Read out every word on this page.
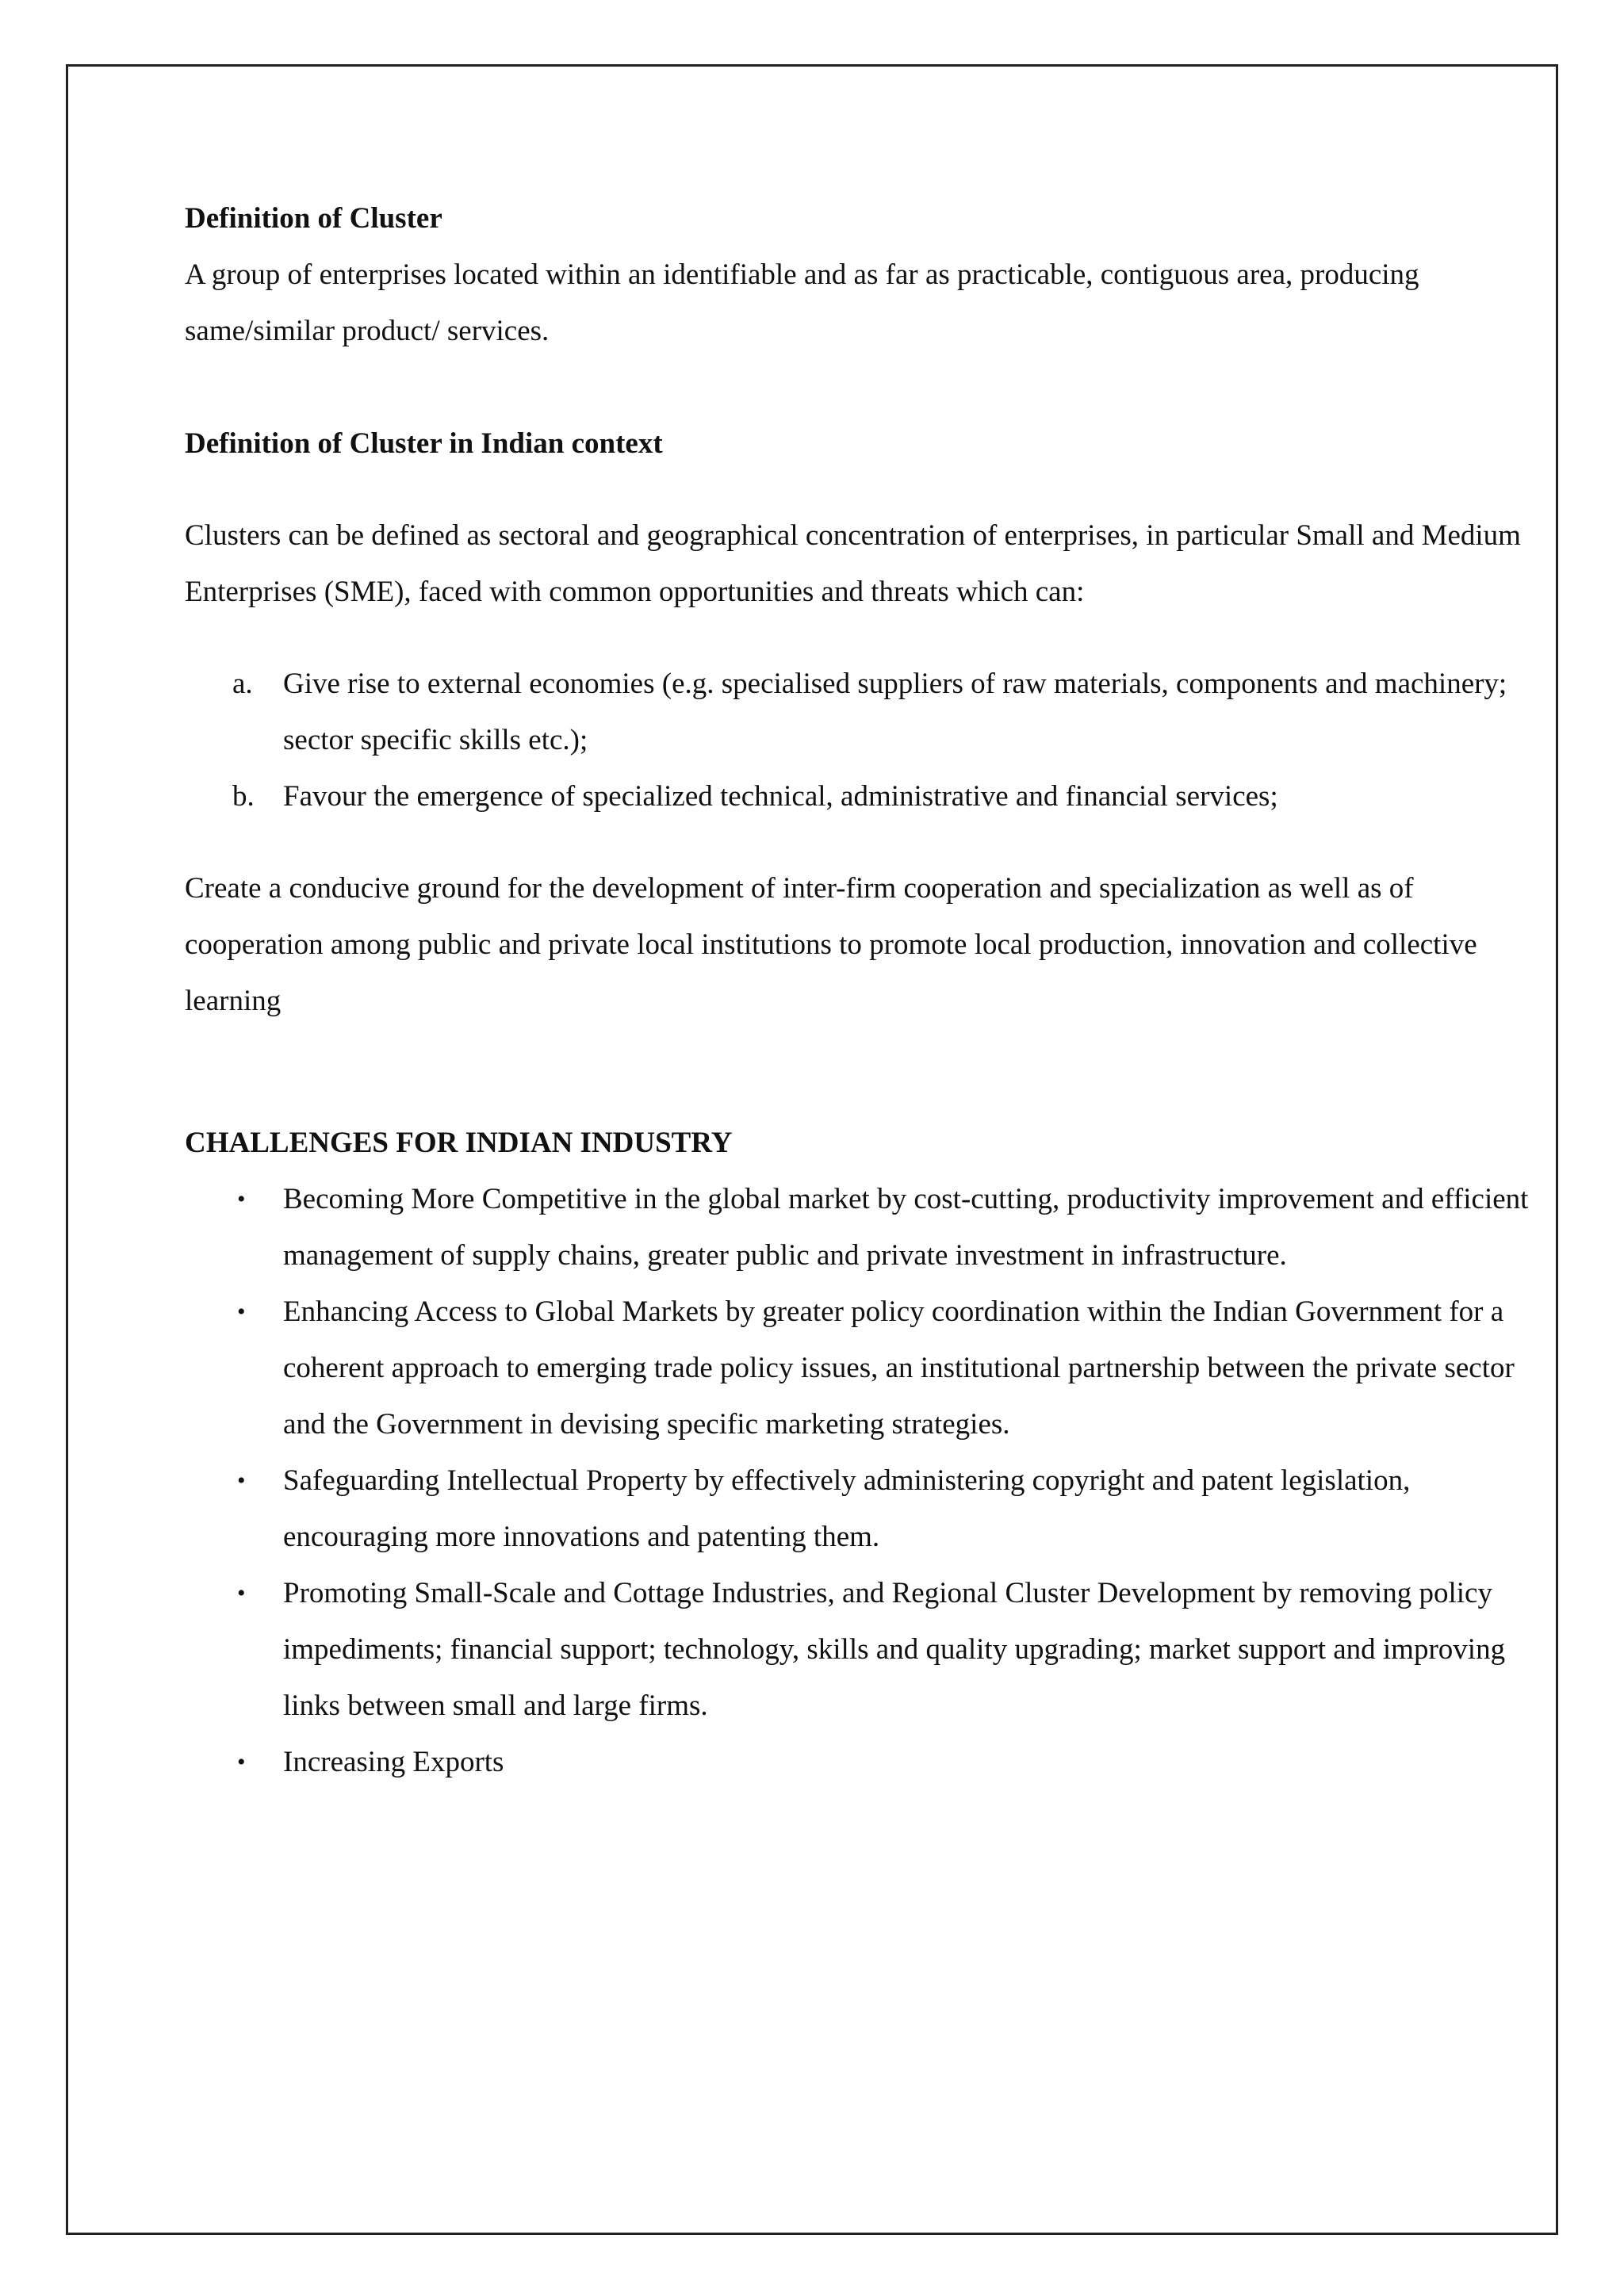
Definition of Cluster

A group of enterprises located within an identifiable and as far as practicable, contiguous area, producing same/similar product/ services.

Definition of Cluster in Indian context

Clusters can be defined as sectoral and geographical concentration of enterprises, in particular Small and Medium Enterprises (SME), faced with common opportunities and threats which can:

a. Give rise to external economies (e.g. specialised suppliers of raw materials, components and machinery; sector specific skills etc.);
b. Favour the emergence of specialized technical, administrative and financial services;

Create a conducive ground for the development of inter-firm cooperation and specialization as well as of cooperation among public and private local institutions to promote local production, innovation and collective learning

CHALLENGES FOR INDIAN INDUSTRY

• Becoming More Competitive in the global market by cost-cutting, productivity improvement and efficient management of supply chains, greater public and private investment in infrastructure.
• Enhancing Access to Global Markets by greater policy coordination within the Indian Government for a coherent approach to emerging trade policy issues, an institutional partnership between the private sector and the Government in devising specific marketing strategies.
• Safeguarding Intellectual Property by effectively administering copyright and patent legislation, encouraging more innovations and patenting them.
• Promoting Small-Scale and Cottage Industries, and Regional Cluster Development by removing policy impediments; financial support; technology, skills and quality upgrading; market support and improving links between small and large firms.
• Increasing Exports
